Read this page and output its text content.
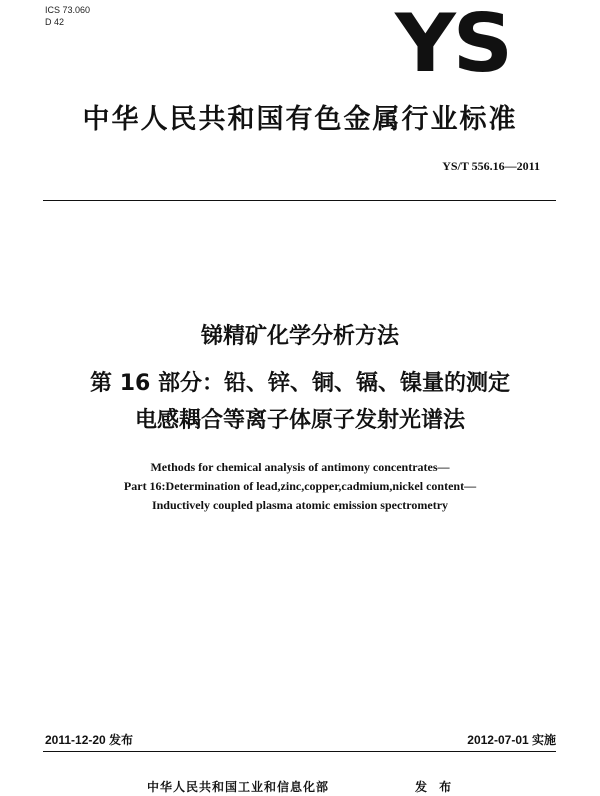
ICS 73.060
D 42	YS
中华人民共和国有色金属行业标准
YS/T 556.16—2011
锑精矿化学分析方法
第 16 部分：铅、锌、铜、镉、镍量的测定
电感耦合等离子体原子发射光谱法
Methods for chemical analysis of antimony concentrates—
Part 16:Determination of lead,zinc,copper,cadmium,nickel content—
Inductively coupled plasma atomic emission spectrometry
2011-12-20 发布	2012-07-01 实施
中华人民共和国工业和信息化部	发 布
